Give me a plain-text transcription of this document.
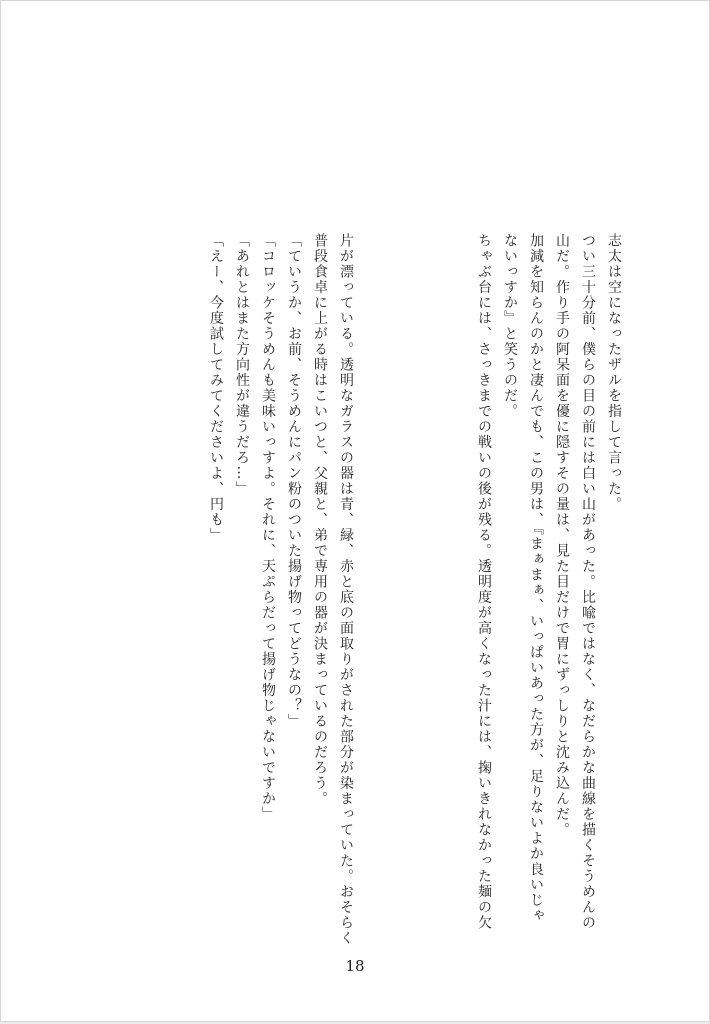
志太は空になったザルを指して言った。

つい三十分前、僕らの目の前には白い山があった。比喩ではなく、なだらかな曲線を描くそうめんの

山だ。作り手の阿呆面を優に隠すその量は、見た目だけで胃にずっしりと沈み込んだ。

加減を知らんのかと凄んでも、この男は、『まぁまぁ、いっぱいあった方が、足りないよか良いじゃ

ないっすか』と笑うのだ。

ちゃぶ台には、さっきまでの戦いの後が残る。透明度が高くなった汁には、掬いきれなかった麺の欠

片が漂っている。透明なガラスの器は青、緑、赤と底の面取りがされた部分が染まっていた。おそらく

普段食卓に上がる時はこいつと、父親と、弟で専用の器が決まっているのだろう。

「ていうか、お前、そうめんにパン粉のついた揚げ物ってどうなの？」

「コロッケそうめんも美味いっすよ。それに、天ぷらだって揚げ物じゃないですか」

「あれとはまた方向性が違うだろ…」

「えー、今度試してみてくださいよ、円も」

18
